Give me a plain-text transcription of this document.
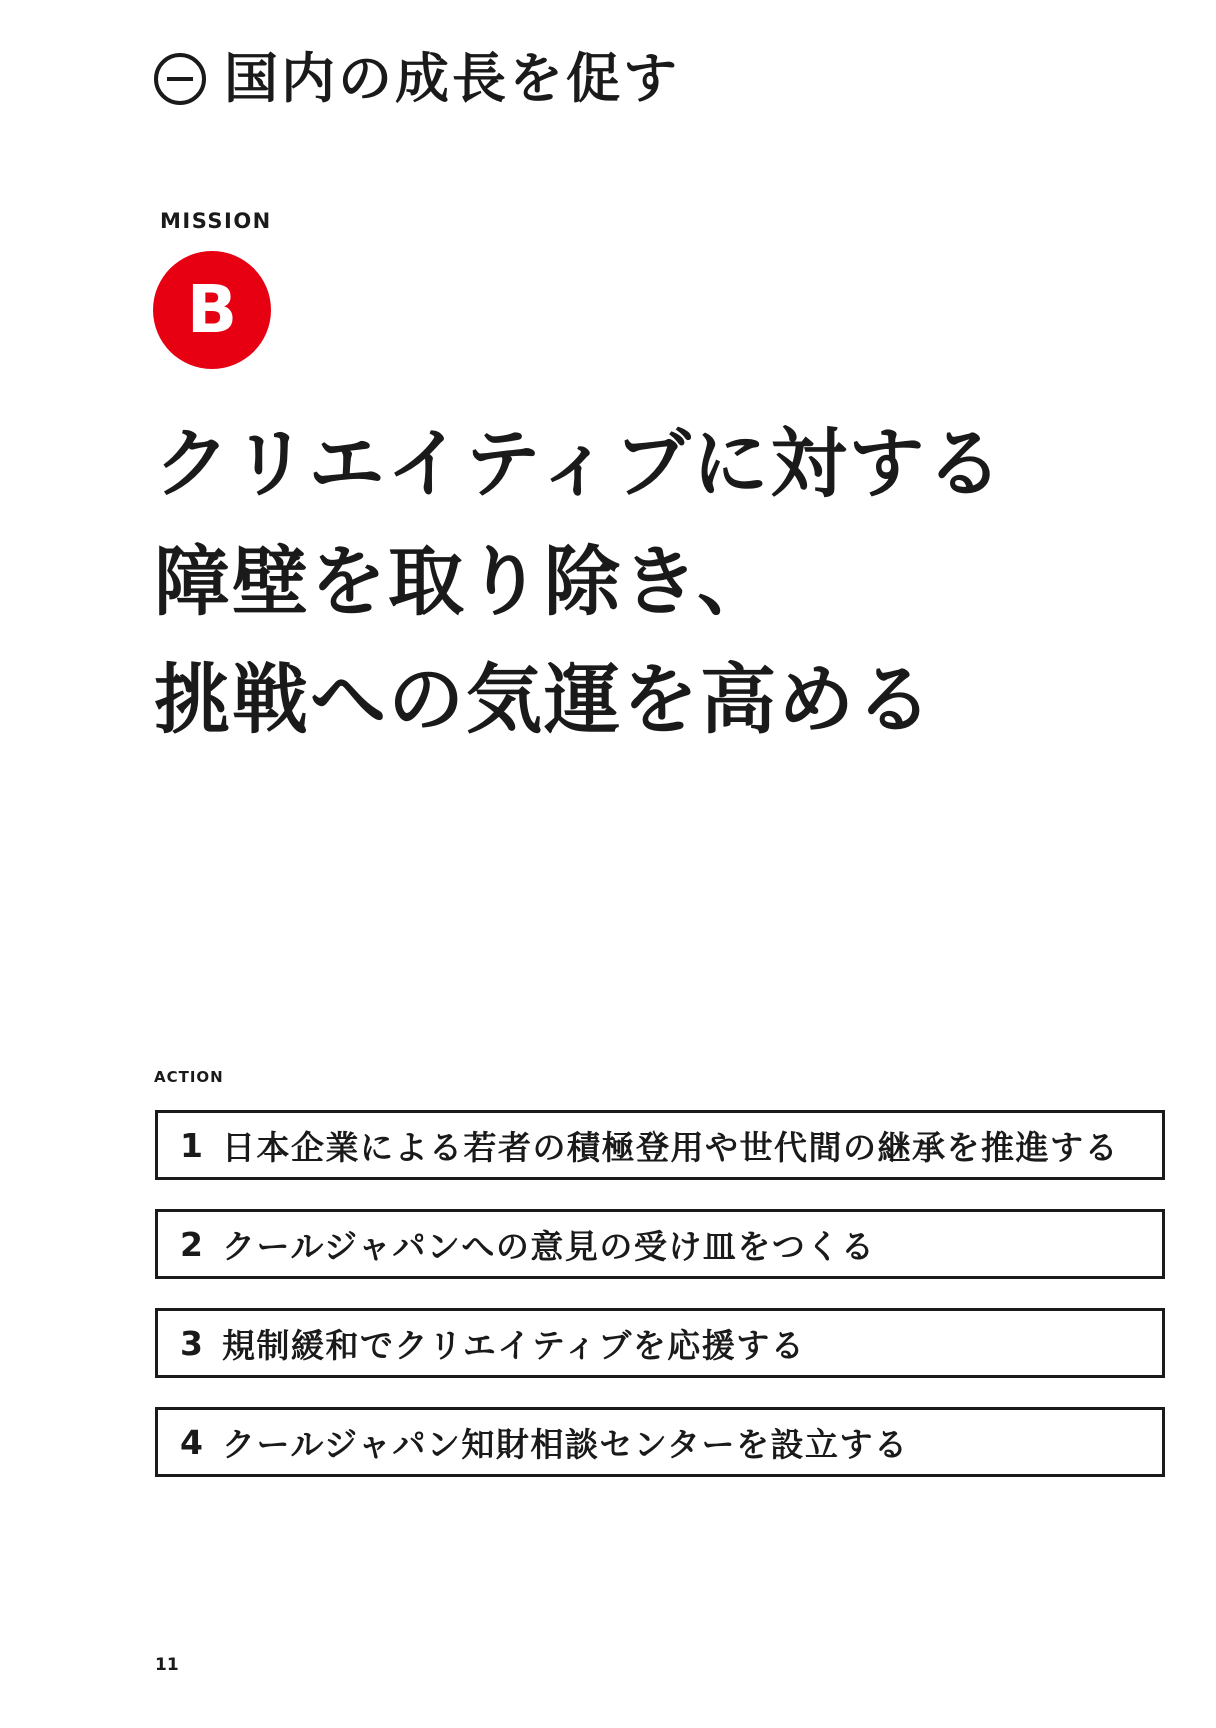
国内の成長を促す
MISSION
B
クリエイティブに対する
障壁を取り除き、
挑戦への気運を高める
ACTION
1 日本企業による若者の積極登用や世代間の継承を推進する
2 クールジャパンへの意見の受け皿をつくる
3 規制緩和でクリエイティブを応援する
4 クールジャパン知財相談センターを設立する
11
